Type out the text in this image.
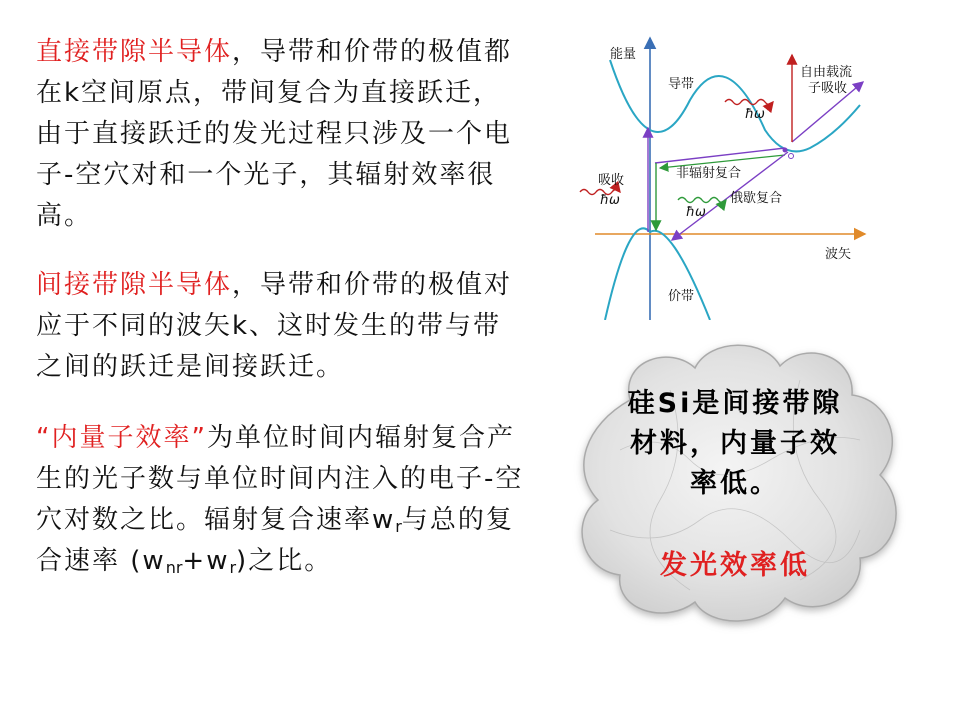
直接带隙半导体，导带和价带的极值都在k空间原点，带间复合为直接跃迁，由于直接跃迁的发光过程只涉及一个电子-空穴对和一个光子，其辐射效率很高。

间接带隙半导体，导带和价带的极值对应于不同的波矢k、这时发生的带与带之间的跃迁是间接跃迁。

“内量子效率”为单位时间内辐射复合产生的光子数与单位时间内注入的电子-空穴对数之比。辐射复合速率$w_r$与总的复合速率 $(w_{nr}+w_r)$之比。

能量
导带
价带
波矢
吸收	非辐射复合
俄歇复合
自由载流 子吸收
ħω
ħω
ħω
硅Si是间接带隙材料，内量子效率低。
发光效率低
